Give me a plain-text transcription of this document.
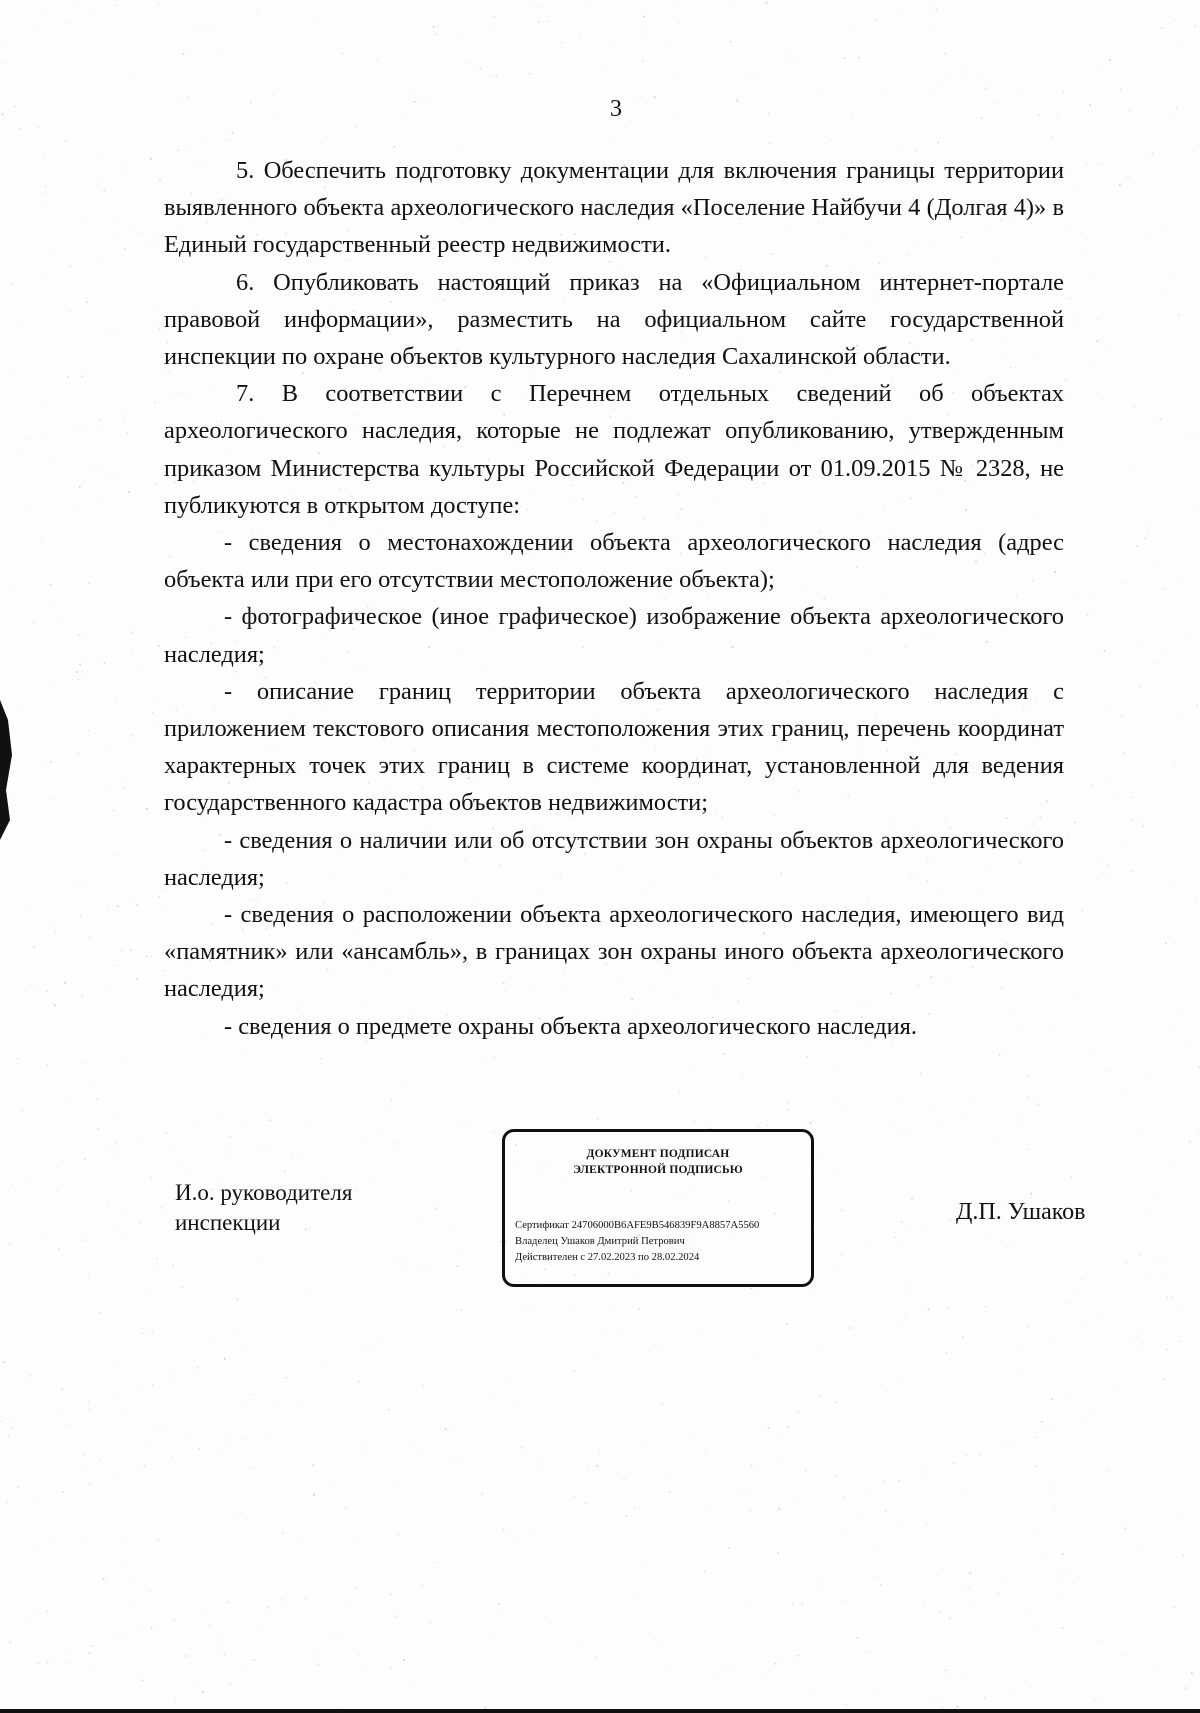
3

5. Обеспечить подготовку документации для включения границы территории выявленного объекта археологического наследия «Поселение Найбучи 4 (Долгая 4)» в Единый государственный реестр недвижимости.

6. Опубликовать настоящий приказ на «Официальном интернет-портале правовой информации», разместить на официальном сайте государственной инспекции по охране объектов культурного наследия Сахалинской области.

7. В соответствии с Перечнем отдельных сведений об объектах археологического наследия, которые не подлежат опубликованию, утвержденным приказом Министерства культуры Российской Федерации от 01.09.2015 № 2328, не публикуются в открытом доступе:

- сведения о местонахождении объекта археологического наследия (адрес объекта или при его отсутствии местоположение объекта);

- фотографическое (иное графическое) изображение объекта археологического наследия;

- описание границ территории объекта археологического наследия с приложением текстового описания местоположения этих границ, перечень координат характерных точек этих границ в системе координат, установленной для ведения государственного кадастра объектов недвижимости;

- сведения о наличии или об отсутствии зон охраны объектов археологического наследия;

- сведения о расположении объекта археологического наследия, имеющего вид «памятник» или «ансамбль», в границах зон охраны иного объекта археологического наследия;

- сведения о предмете охраны объекта археологического наследия.

И.о. руководителя
инспекции
ДОКУМЕНТ ПОДПИСАН
ЭЛЕКТРОННОЙ ПОДПИСЬЮ
Сертификат 24706000B6AFE9B546839F9A8857A5560
Владелец Ушаков Дмитрий Петрович
Действителен с 27.02.2023 по 28.02.2024
Д.П. Ушаков
